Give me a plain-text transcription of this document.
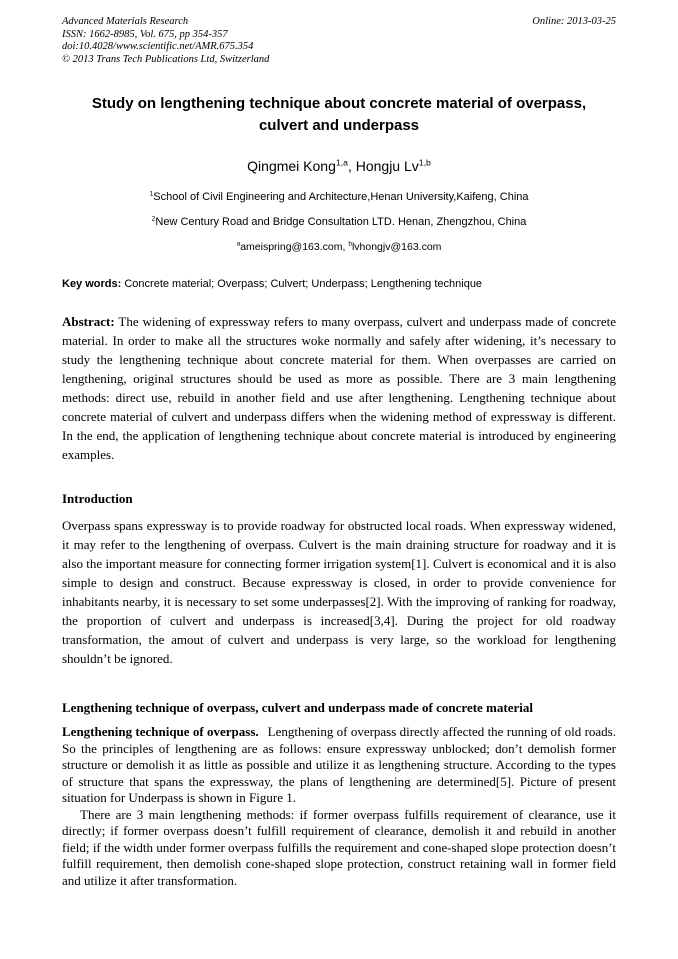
Advanced Materials Research	Online: 2013-03-25
ISSN: 1662-8985, Vol. 675, pp 354-357
doi:10.4028/www.scientific.net/AMR.675.354
© 2013 Trans Tech Publications Ltd, Switzerland
Study on lengthening technique about concrete material of overpass, culvert and underpass
Qingmei Kong$^{1,a}$, Hongju Lv$^{1,b}$
$^1$School of Civil Engineering and Architecture,Henan University,Kaifeng, China
$^2$New Century Road and Bridge Consultation LTD. Henan, Zhengzhou, China
$^a$ameispring@163.com, $^b$lvhongjv@163.com

Key words: Concrete material; Overpass; Culvert; Underpass; Lengthening technique

Abstract: The widening of expressway refers to many overpass, culvert and underpass made of concrete material. In order to make all the structures woke normally and safely after widening, it’s necessary to study the lengthening technique about concrete material for them. When overpasses are carried on lengthening, original structures should be used as more as possible. There are 3 main lengthening methods: direct use, rebuild in another field and use after lengthening. Lengthening technique about concrete material of culvert and underpass differs when the widening method of expressway is different. In the end, the application of lengthening technique about concrete material is introduced by engineering examples.

Introduction

Overpass spans expressway is to provide roadway for obstructed local roads. When expressway widened, it may refer to the lengthening of overpass. Culvert is the main draining structure for roadway and it is also the important measure for connecting former irrigation system[1]. Culvert is economical and it is also simple to design and construct. Because expressway is closed, in order to provide convenience for inhabitants nearby, it is necessary to set some underpasses[2]. With the improving of ranking for roadway, the proportion of culvert and underpass is increased[3,4]. During the project for old roadway transformation, the amout of culvert and underpass is very large, so the workload for lengthening shouldn’t be ignored.

Lengthening technique of overpass, culvert and underpass made of concrete material

Lengthening technique of overpass. Lengthening of overpass directly affected the running of old roads. So the principles of lengthening are as follows: ensure expressway unblocked; don’t demolish former structure or demolish it as little as possible and utilize it as lengthening structure. According to the types of structure that spans the expressway, the plans of lengthening are determined[5]. Picture of present situation for Underpass is shown in Figure 1.

There are 3 main lengthening methods: if former overpass fulfills requirement of clearance, use it directly; if former overpass doesn’t fulfill requirement of clearance, demolish it and rebuild in another field; if the width under former overpass fulfills the requirement and cone-shaped slope protection doesn’t fulfill requirement, then demolish cone-shaped slope protection, construct retaining wall in former field and utilize it after transformation.
